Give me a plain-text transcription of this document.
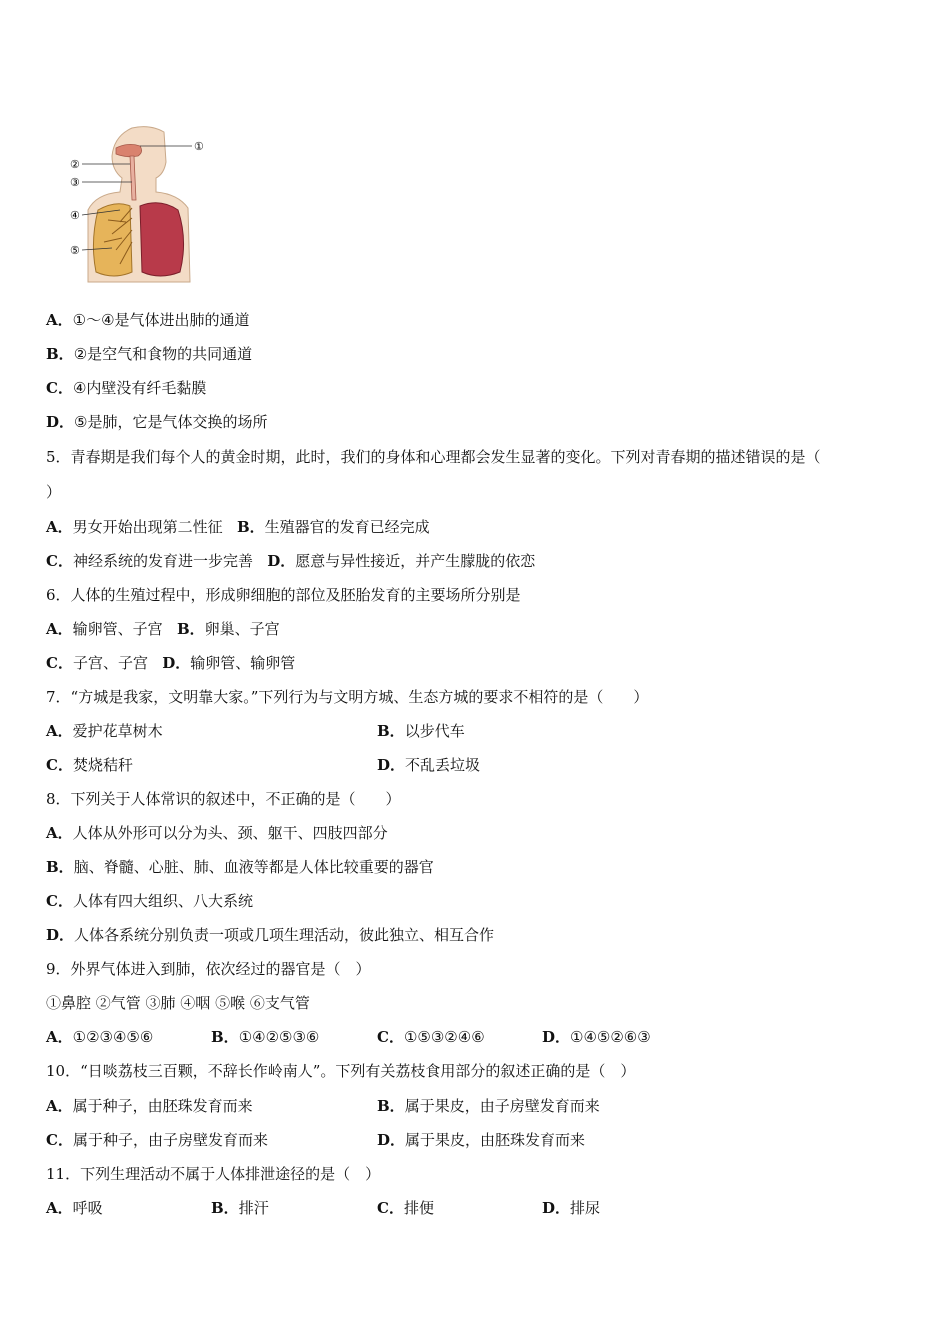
①
②
③
④
⑤
A．①～④是气体进出肺的通道
B．②是空气和食物的共同通道
C．④内壁没有纤毛黏膜
D．⑤是肺，它是气体交换的场所
5．青春期是我们每个人的黄金时期，此时，我们的身体和心理都会发生显著的变化。下列对青春期的描述错误的是（
）
A．男女开始出现第二性征 B．生殖器官的发育已经完成
C．神经系统的发育进一步完善 D．愿意与异性接近，并产生朦胧的依恋
6．人体的生殖过程中，形成卵细胞的部位及胚胎发育的主要场所分别是
A．输卵管、子宫 B．卵巢、子宫
C．子宫、子宫 D．输卵管、输卵管
7．“方城是我家，文明靠大家。”下列行为与文明方城、生态方城的要求不相符的是（　　）
A．爱护花草树木	B．以步代车
C．焚烧秸秆	D．不乱丢垃圾
8．下列关于人体常识的叙述中，不正确的是（　　）
A．人体从外形可以分为头、颈、躯干、四肢四部分
B．脑、脊髓、心脏、肺、血液等都是人体比较重要的器官
C．人体有四大组织、八大系统
D．人体各系统分别负责一项或几项生理活动，彼此独立、相互合作
9．外界气体进入到肺，依次经过的器官是（　）
①鼻腔 ②气管 ③肺 ④咽 ⑤喉 ⑥支气管
A．①②③④⑤⑥	B．①④②⑤③⑥	C．①⑤③②④⑥	D．①④⑤②⑥③
10．“日啖荔枝三百颗，不辞长作岭南人”。下列有关荔枝食用部分的叙述正确的是（　）
A．属于种子，由胚珠发育而来	B．属于果皮，由子房壁发育而来
C．属于种子，由子房壁发育而来	D．属于果皮，由胚珠发育而来
11．下列生理活动不属于人体排泄途径的是（　）
A．呼吸	B．排汗	C．排便	D．排尿
